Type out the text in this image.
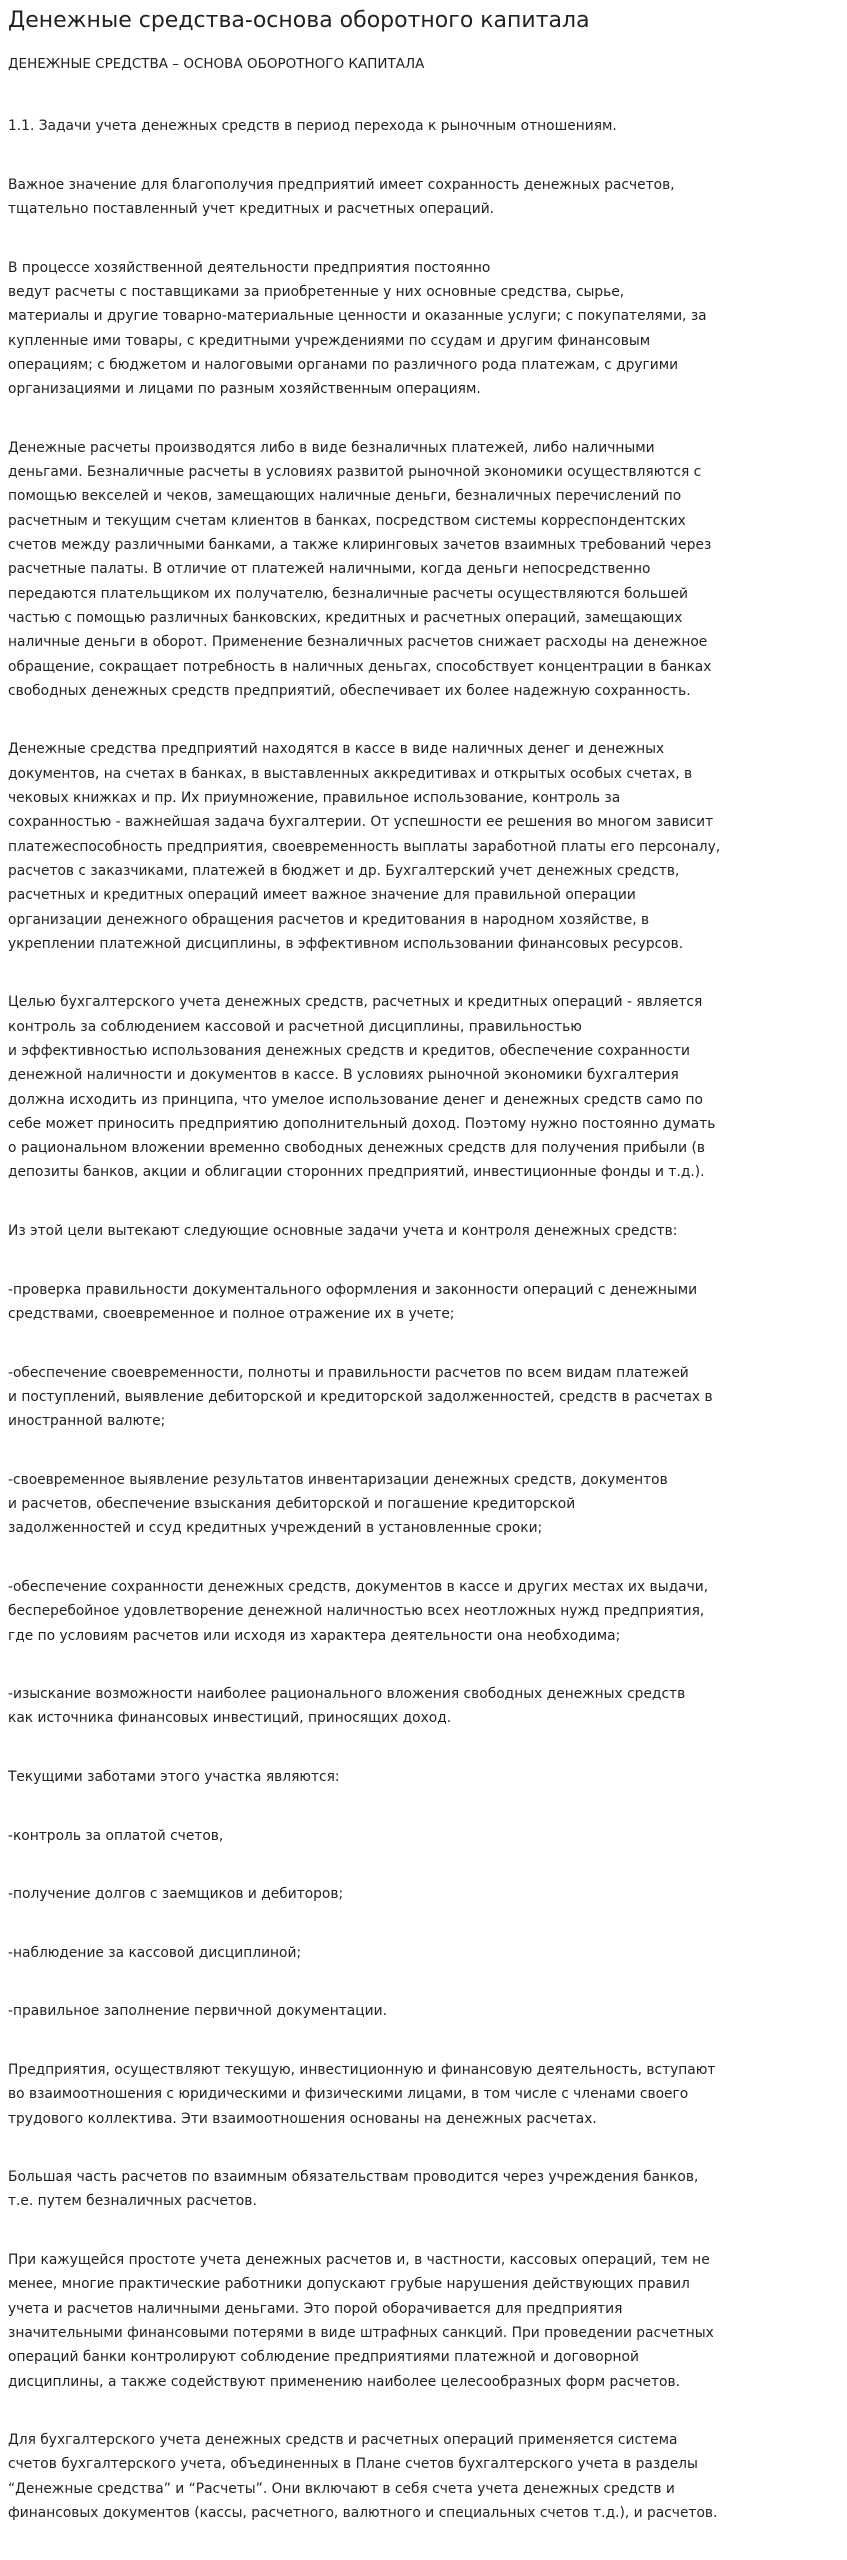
Денежные средства-основа оборотного капитала
ДЕНЕЖНЫЕ СРЕДСТВА – ОСНОВА ОБОРОТНОГО КАПИТАЛА

1.1. Задачи учета денежных средств в период перехода к рыночным отношениям.

Важное значение для благополучия предприятий имеет сохранность денежных расчетов,
тщательно поставленный учет кредитных и расчетных операций.

В процессе хозяйственной деятельности предприятия постоянно
ведут расчеты с поставщиками за приобретенные у них основные средства, сырье,
материалы и другие товарно-материальные ценности и оказанные услуги; с покупателями, за
купленные ими товары, с кредитными учреждениями по ссудам и другим финансовым
операциям; с бюджетом и налоговыми органами по различного рода платежам, с другими
организациями и лицами по разным хозяйственным операциям.

Денежные расчеты производятся либо в виде безналичных платежей, либо наличными
деньгами. Безналичные расчеты в условиях развитой рыночной экономики осуществляются с
помощью векселей и чеков, замещающих наличные деньги, безналичных перечислений по
расчетным и текущим счетам клиентов в банках, посредством системы корреспондентских
счетов между различными банками, а также клиринговых зачетов взаимных требований через
расчетные палаты. В отличие от платежей наличными, когда деньги непосредственно
передаются плательщиком их получателю, безналичные расчеты осуществляются большей
частью с помощью различных банковских, кредитных и расчетных операций, замещающих
наличные деньги в оборот. Применение безналичных расчетов снижает расходы на денежное
обращение, сокращает потребность в наличных деньгах, способствует концентрации в банках
свободных денежных средств предприятий, обеспечивает их более надежную сохранность.

Денежные средства предприятий находятся в кассе в виде наличных денег и денежных
документов, на счетах в банках, в выставленных аккредитивах и открытых особых счетах, в
чековых книжках и пр. Их приумножение, правильное использование, контроль за
сохранностью - важнейшая задача бухгалтерии. От успешности ее решения во многом зависит
платежеспособность предприятия, своевременность выплаты заработной платы его персоналу,
расчетов с заказчиками, платежей в бюджет и др. Бухгалтерский учет денежных средств,
расчетных и кредитных операций имеет важное значение для правильной операции
организации денежного обращения расчетов и кредитования в народном хозяйстве, в
укреплении платежной дисциплины, в эффективном использовании финансовых ресурсов.

Целью бухгалтерского учета денежных средств, расчетных и кредитных операций - является
контроль за соблюдением кассовой и расчетной дисциплины, правильностью
и эффективностью использования денежных средств и кредитов, обеспечение сохранности
денежной наличности и документов в кассе. В условиях рыночной экономики бухгалтерия
должна исходить из принципа, что умелое использование денег и денежных средств само по
себе может приносить предприятию дополнительный доход. Поэтому нужно постоянно думать
о рациональном вложении временно свободных денежных средств для получения прибыли (в
депозиты банков, акции и облигации сторонних предприятий, инвестиционные фонды и т.д.).

Из этой цели вытекают следующие основные задачи учета и контроля денежных средств:

-проверка правильности документального оформления и законности операций с денежными
средствами, своевременное и полное отражение их в учете;

-обеспечение своевременности, полноты и правильности расчетов по всем видам платежей
и поступлений, выявление дебиторской и кредиторской задолженностей, средств в расчетах в
иностранной валюте;

-своевременное выявление результатов инвентаризации денежных средств, документов
и расчетов, обеспечение взыскания дебиторской и погашение кредиторской
задолженностей и ссуд кредитных учреждений в установленные сроки;

-обеспечение сохранности денежных средств, документов в кассе и других местах их выдачи,
бесперебойное удовлетворение денежной наличностью всех неотложных нужд предприятия,
где по условиям расчетов или исходя из характера деятельности она необходима;

-изыскание возможности наиболее рационального вложения свободных денежных средств
как источника финансовых инвестиций, приносящих доход.

Текущими заботами этого участка являются:

-контроль за оплатой счетов,

-получение долгов с заемщиков и дебиторов;

-наблюдение за кассовой дисциплиной;

-правильное заполнение первичной документации.

Предприятия, осуществляют текущую, инвестиционную и финансовую деятельность, вступают
во взаимоотношения с юридическими и физическими лицами, в том числе с членами своего
трудового коллектива. Эти взаимоотношения основаны на денежных расчетах.

Большая часть расчетов по взаимным обязательствам проводится через учреждения банков,
т.е. путем безналичных расчетов.

При кажущейся простоте учета денежных расчетов и, в частности, кассовых операций, тем не
менее, многие практические работники допускают грубые нарушения действующих правил
учета и расчетов наличными деньгами. Это порой оборачивается для предприятия
значительными финансовыми потерями в виде штрафных санкций. При проведении расчетных
операций банки контролируют соблюдение предприятиями платежной и договорной
дисциплины, а также содействуют применению наиболее целесообразных форм расчетов.

Для бухгалтерского учета денежных средств и расчетных операций применяется система
счетов бухгалтерского учета, объединенных в Плане счетов бухгалтерского учета в разделы
“Денежные средства” и “Расчеты”. Они включают в себя счета учета денежных средств и
финансовых документов (кассы, расчетного, валютного и специальных счетов т.д.), и расчетов.
